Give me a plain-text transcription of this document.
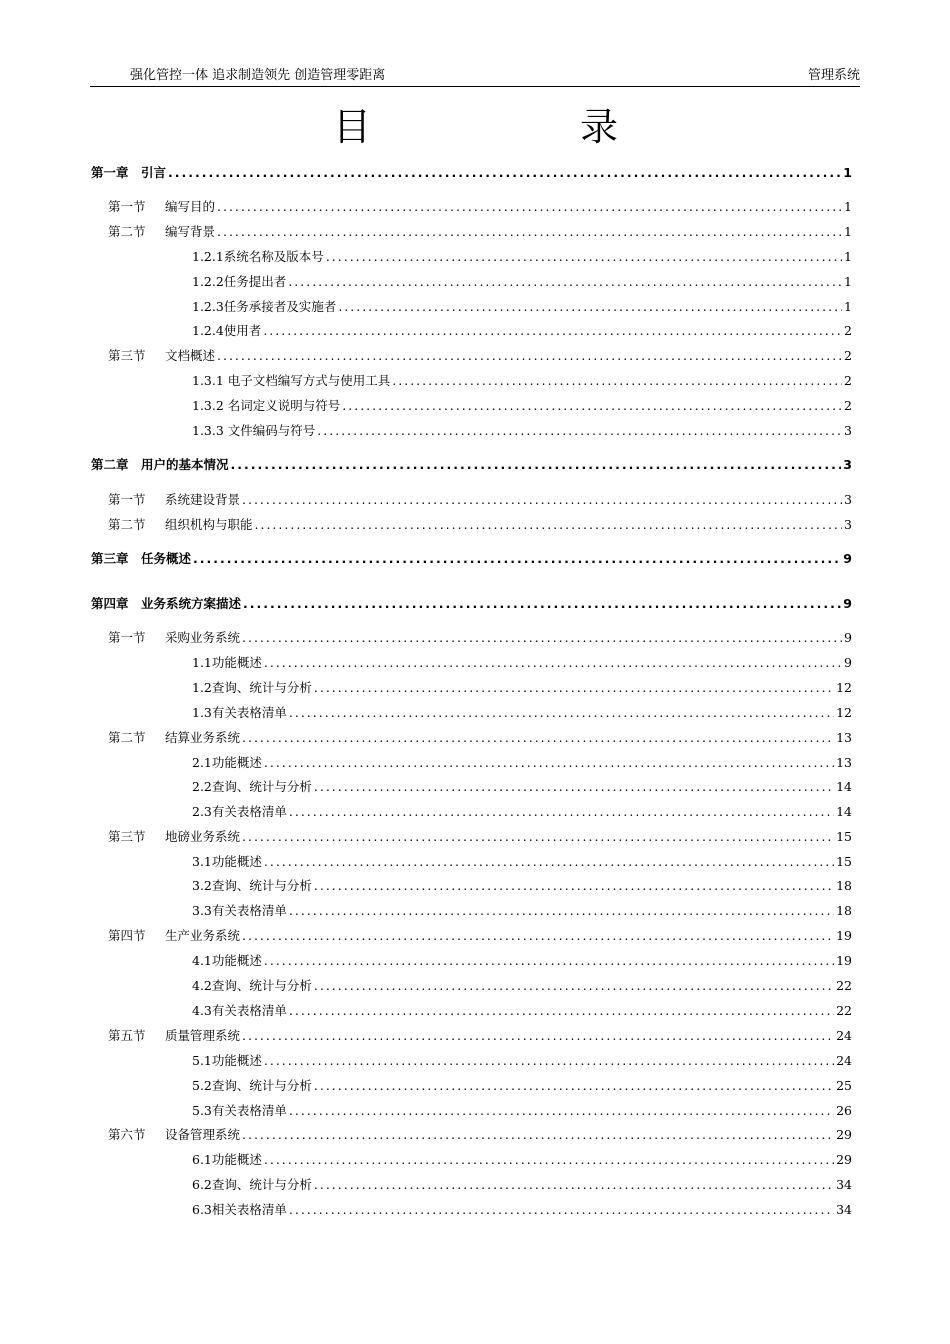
强化管控一体 追求制造领先 创造管理零距离	管理系统
目	录
第一章 引言 .....	1
第一节 编写目的 .....	1
第二节 编写背景 .....	1
1.2.1系统名称及版本号 .....	1
1.2.2任务提出者 .....	1
1.2.3任务承接者及实施者 .....	1
1.2.4使用者 .....	2
第三节 文档概述 .....	2
1.3.1 电子文档编写方式与使用工具 .....	2
1.3.2 名词定义说明与符号 .....	2
1.3.3 文件编码与符号 .....	3
第二章 用户的基本情况 .....	3
第一节 系统建设背景 .....	3
第二节 组织机构与职能 .....	3
第三章 任务概述 .....	9
第四章 业务系统方案描述 .....	9
第一节 采购业务系统 .....	9
1.1功能概述 .....	9
1.2查询、统计与分析 .....	12
1.3有关表格清单 .....	12
第二节 结算业务系统 .....	13
2.1功能概述 .....	13
2.2查询、统计与分析 .....	14
2.3有关表格清单 .....	14
第三节 地磅业务系统 .....	15
3.1功能概述 .....	15
3.2查询、统计与分析 .....	18
3.3有关表格清单 .....	18
第四节 生产业务系统 .....	19
4.1功能概述 .....	19
4.2查询、统计与分析 .....	22
4.3有关表格清单 .....	22
第五节 质量管理系统 .....	24
5.1功能概述 .....	24
5.2查询、统计与分析 .....	25
5.3有关表格清单 .....	26
第六节 设备管理系统 .....	29
6.1功能概述 .....	29
6.2查询、统计与分析 .....	34
6.3相关表格清单 .....	34
